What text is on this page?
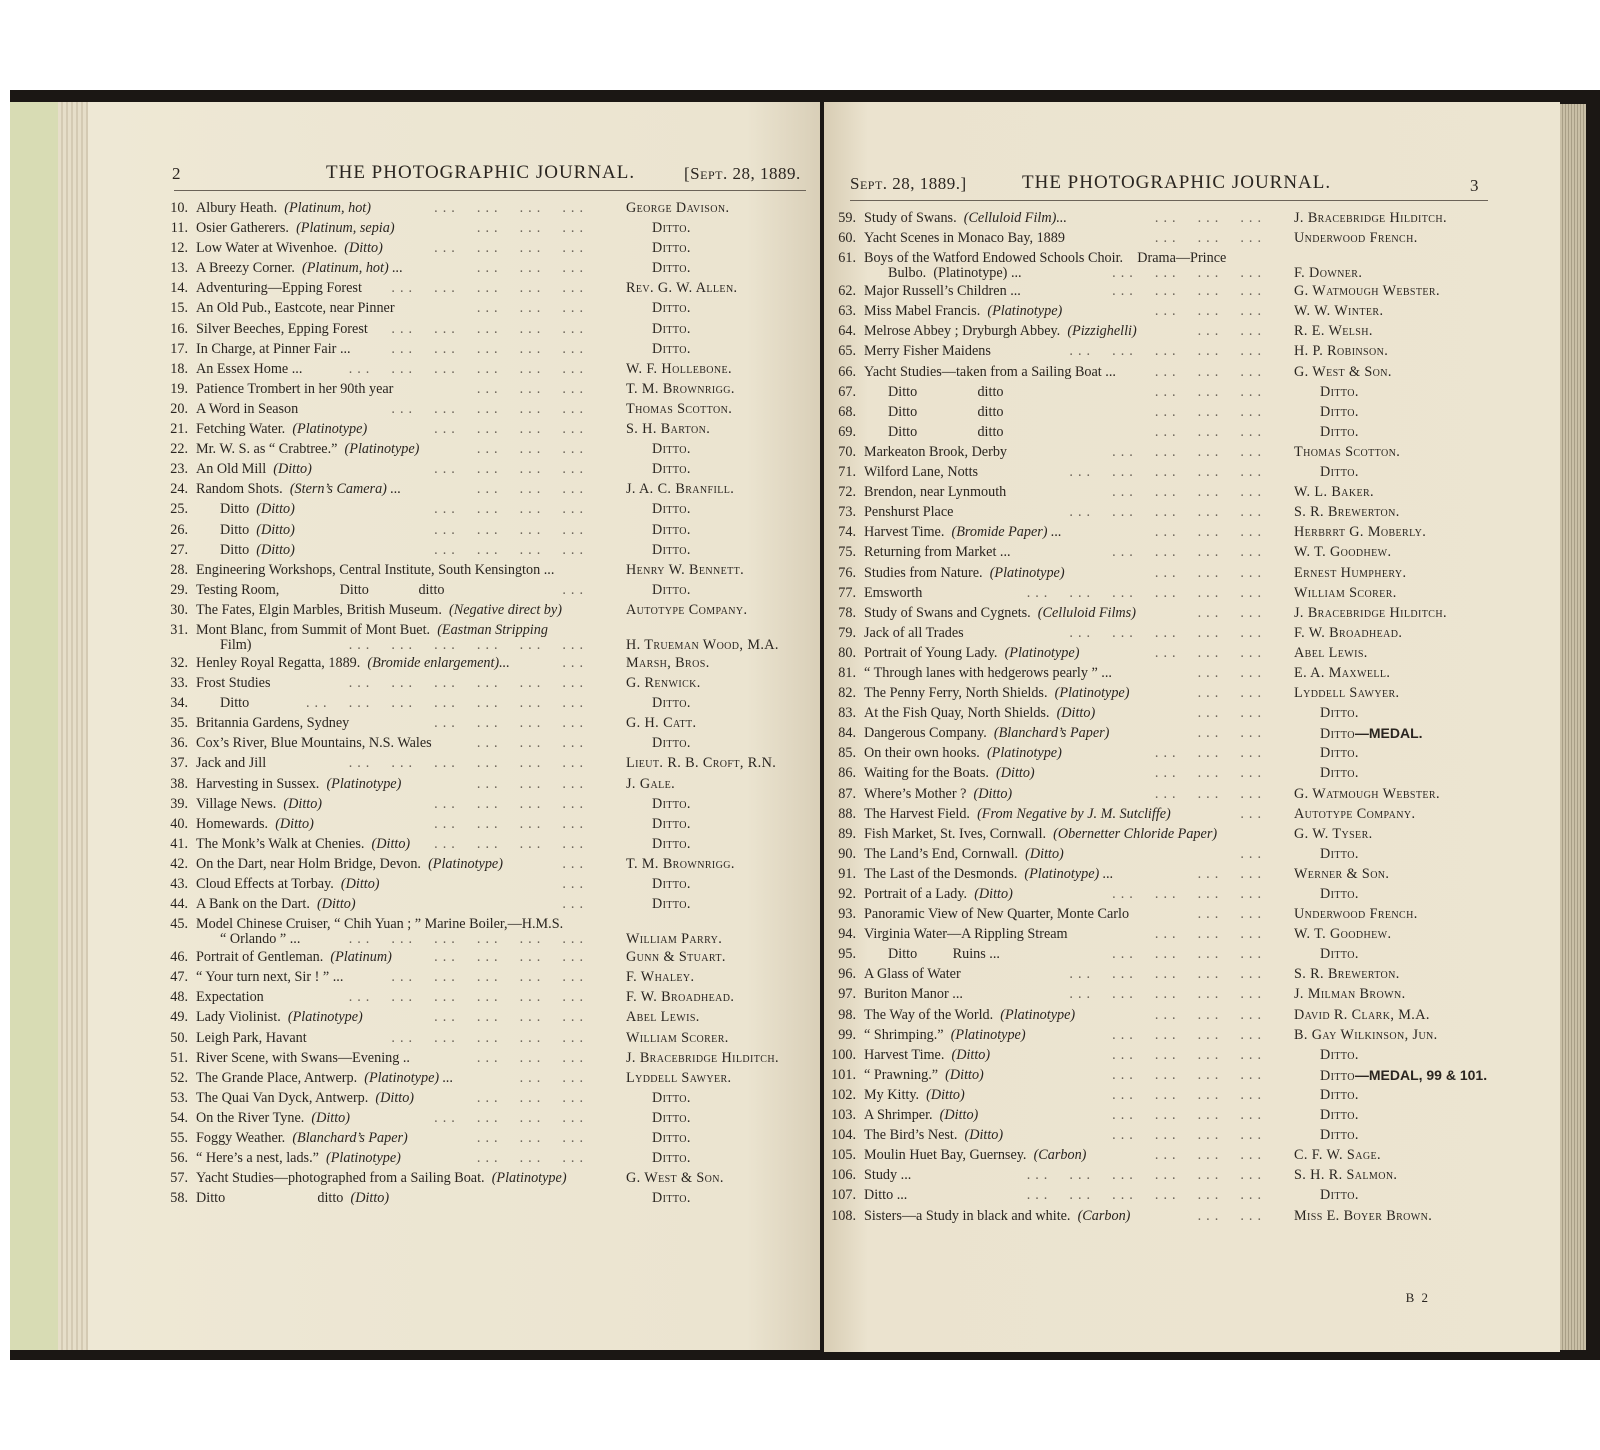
2	THE PHOTOGRAPHIC JOURNAL.	[Sept. 28, 1889.
10. Albury Heath. (Platinum, hot)	...  ...  ...  ...	George Davison.
11. Osier Gatherers. (Platinum, sepia)	...  ...  ...	Ditto.
12. Low Water at Wivenhoe. (Ditto)	...  ...  ...  ...	Ditto.
13. A Breezy Corner. (Platinum, hot) ...	...  ...  ...	Ditto.
14. Adventuring—Epping Forest ...  ...  ...  ...  ...	Rev. G. W. Allen.
15. An Old Pub., Eastcote, near Pinner	...  ...  ...	Ditto.
16. Silver Beeches, Epping Forest ...  ...  ...  ...  ...	Ditto.
17. In Charge, at Pinner Fair ...	...  ...  ...  ...  ...	Ditto.
18. An Essex Home ...	...  ...  ...  ...  ...  ...	W. F. Hollebone.
19. Patience Trombert in her 90th year	...  ...  ...	T. M. Brownrigg.
20. A Word in Season	...  ...  ...  ...  ...	Thomas Scotton.
21. Fetching Water. (Platinotype)	...  ...  ...  ...	S. H. Barton.
22. Mr. W. S. as “ Crabtree.” (Platinotype)	...  ...  ...	Ditto.
23. An Old Mill (Ditto)	...  ...  ...  ...	Ditto.
24. Random Shots. (Stern’s Camera) ...	...  ...  ...	J. A. C. Branfill.
25. Ditto (Ditto)	...  ...  ...  ...	Ditto.
26. Ditto (Ditto)	...  ...  ...  ...	Ditto.
27. Ditto (Ditto)	...  ...  ...  ...	Ditto.
28. Engineering Workshops, Central Institute, South Kensington ...	Henry W. Bennett.
29. Testing Room,                 Ditto              ditto	...	Ditto.
30. The Fates, Elgin Marbles, British Museum. (Negative direct by)	Autotype Company.
31. Mont Blanc, from Summit of Mont Buet. (Eastman Stripping
Film)	...  ...  ...  ...  ...  ...	H. Trueman Wood, M.A.
32. Henley Royal Regatta, 1889. (Bromide enlargement)...	...	Marsh, Bros.
33. Frost Studies	...  ...  ...  ...  ...  ...	G. Renwick.
34. Ditto	...  ...  ...  ...  ...  ...  ...	Ditto.
35. Britannia Gardens, Sydney	...  ...  ...  ...	G. H. Catt.
36. Cox’s River, Blue Mountains, N.S. Wales	...  ...  ...	Ditto.
37. Jack and Jill	...  ...  ...  ...  ...  ...	Lieut. R. B. Croft, R.N.
38. Harvesting in Sussex. (Platinotype)	...  ...  ...	J. Gale.
39. Village News. (Ditto)	...  ...  ...  ...	Ditto.
40. Homewards. (Ditto)	...  ...  ...  ...	Ditto.
41. The Monk’s Walk at Chenies. (Ditto) ...  ...  ...  ...	Ditto.
42. On the Dart, near Holm Bridge, Devon. (Platinotype)	...	T. M. Brownrigg.
43. Cloud Effects at Torbay. (Ditto)	...	Ditto.
44. A Bank on the Dart. (Ditto)	...	Ditto.
45. Model Chinese Cruiser, “ Chih Yuan ; ” Marine Boiler,—H.M.S.
“ Orlando ” ...	...  ...  ...  ...  ...  ...	William Parry.
46. Portrait of Gentleman. (Platinum)	...  ...  ...  ...	Gunn & Stuart.
47. “ Your turn next, Sir ! ” ...	...  ...  ...  ...  ...	F. Whaley.
48. Expectation	...  ...  ...  ...  ...  ...	F. W. Broadhead.
49. Lady Violinist. (Platinotype)	...  ...  ...  ...	Abel Lewis.
50. Leigh Park, Havant	...  ...  ...  ...  ...	William Scorer.
51. River Scene, with Swans—Evening ..	...  ...  ...	J. Bracebridge Hilditch.
52. The Grande Place, Antwerp. (Platinotype) ...	...  ...	Lyddell Sawyer.
53. The Quai Van Dyck, Antwerp. (Ditto)	...  ...  ...	Ditto.
54. On the River Tyne. (Ditto)	...  ...  ...  ...	Ditto.
55. Foggy Weather. (Blanchard’s Paper)	...  ...  ...	Ditto.
56. “ Here’s a nest, lads.” (Platinotype)	...  ...  ...	Ditto.
57. Yacht Studies—photographed from a Sailing Boat. (Platinotype)	G. West & Son.
58. Ditto                          ditto (Ditto)	Ditto.
Sept. 28, 1889.]	THE PHOTOGRAPHIC JOURNAL.	3
59. Study of Swans. (Celluloid Film)...	...  ...  ... J. Bracebridge Hilditch.
60. Yacht Scenes in Monaco Bay, 1889	...  ...  ... Underwood French.
61. Boys of the Watford Endowed Schools Choir.    Drama—Prince
Bulbo.  (Platinotype) ...	...  ...  ...  ... F. Downer.
62. Major Russell’s Children ...	...  ...  ...  ... G. Watmough Webster.
63. Miss Mabel Francis. (Platinotype)	...  ...  ... W. W. Winter.
64. Melrose Abbey ; Dryburgh Abbey. (Pizzighelli)	...  ... R. E. Welsh.
65. Merry Fisher Maidens	...  ...  ...  ...  ... H. P. Robinson.
66. Yacht Studies—taken from a Sailing Boat ...	...  ...  ... G. West & Son.
67. Ditto                 ditto	...  ...  ...	Ditto.
68. Ditto                 ditto	...  ...  ...	Ditto.
69. Ditto                 ditto	...  ...  ...	Ditto.
70. Markeaton Brook, Derby	...  ...  ...  ... Thomas Scotton.
71. Wilford Lane, Notts	...  ...  ...  ...  ...	Ditto.
72. Brendon, near Lynmouth	...  ...  ...  ... W. L. Baker.
73. Penshurst Place	...  ...  ...  ...  ... S. R. Brewerton.
74. Harvest Time. (Bromide Paper) ...	...  ...  ... Herbrrt G. Moberly.
75. Returning from Market ...	...  ...  ...  ... W. T. Goodhew.
76. Studies from Nature. (Platinotype)	...  ...  ... Ernest Humphery.
77. Emsworth	...  ...  ...  ...  ...  ... William Scorer.
78. Study of Swans and Cygnets. (Celluloid Films)	...  ... J. Bracebridge Hilditch.
79. Jack of all Trades	...  ...  ...  ...  ... F. W. Broadhead.
80. Portrait of Young Lady. (Platinotype)	...  ...  ... Abel Lewis.
81. “ Through lanes with hedgerows pearly ” ...	...  ... E. A. Maxwell.
82. The Penny Ferry, North Shields. (Platinotype)	...  ... Lyddell Sawyer.
83. At the Fish Quay, North Shields. (Ditto)	...  ...	Ditto.
84. Dangerous Company. (Blanchard’s Paper)	...  ...	Ditto—MEDAL.
85. On their own hooks. (Platinotype)	...  ...  ...	Ditto.
86. Waiting for the Boats. (Ditto)	...  ...  ...	Ditto.
87. Where’s Mother ? (Ditto)	...  ...  ... G. Watmough Webster.
88. The Harvest Field. (From Negative by J. M. Sutcliffe)	... Autotype Company.
89. Fish Market, St. Ives, Cornwall. (Obernetter Chloride Paper)	G. W. Tyser.
90. The Land’s End, Cornwall. (Ditto)	...	Ditto.
91. The Last of the Desmonds. (Platinotype) ...	...  ... Werner & Son.
92. Portrait of a Lady. (Ditto)	...  ...  ...  ...	Ditto.
93. Panoramic View of New Quarter, Monte Carlo	...  ... Underwood French.
94. Virginia Water—A Rippling Stream	...  ...  ... W. T. Goodhew.
95. Ditto          Ruins ...	...  ...  ...  ...	Ditto.
96. A Glass of Water	...  ...  ...  ...  ... S. R. Brewerton.
97. Buriton Manor ...	...  ...  ...  ...  ... J. Milman Brown.
98. The Way of the World. (Platinotype)	...  ...  ... David R. Clark, M.A.
99. “ Shrimping.” (Platinotype)	...  ...  ...  ... B. Gay Wilkinson, Jun.
100. Harvest Time. (Ditto)	...  ...  ...  ...	Ditto.
101. “ Prawning.” (Ditto)	...  ...  ...  ...	Ditto—MEDAL, 99 & 101.
102. My Kitty. (Ditto)	...  ...  ...  ...	Ditto.
103. A Shrimper. (Ditto)	...  ...  ...  ...	Ditto.
104. The Bird’s Nest. (Ditto)	...  ...  ...  ...	Ditto.
105. Moulin Huet Bay, Guernsey. (Carbon)	...  ...  ... C. F. W. Sage.
106. Study ...	...  ...  ...  ...  ...  ... S. H. R. Salmon.
107. Ditto ...	...  ...  ...  ...  ...  ...	Ditto.
108. Sisters—a Study in black and white. (Carbon)	...  ... Miss E. Boyer Brown.
B 2
